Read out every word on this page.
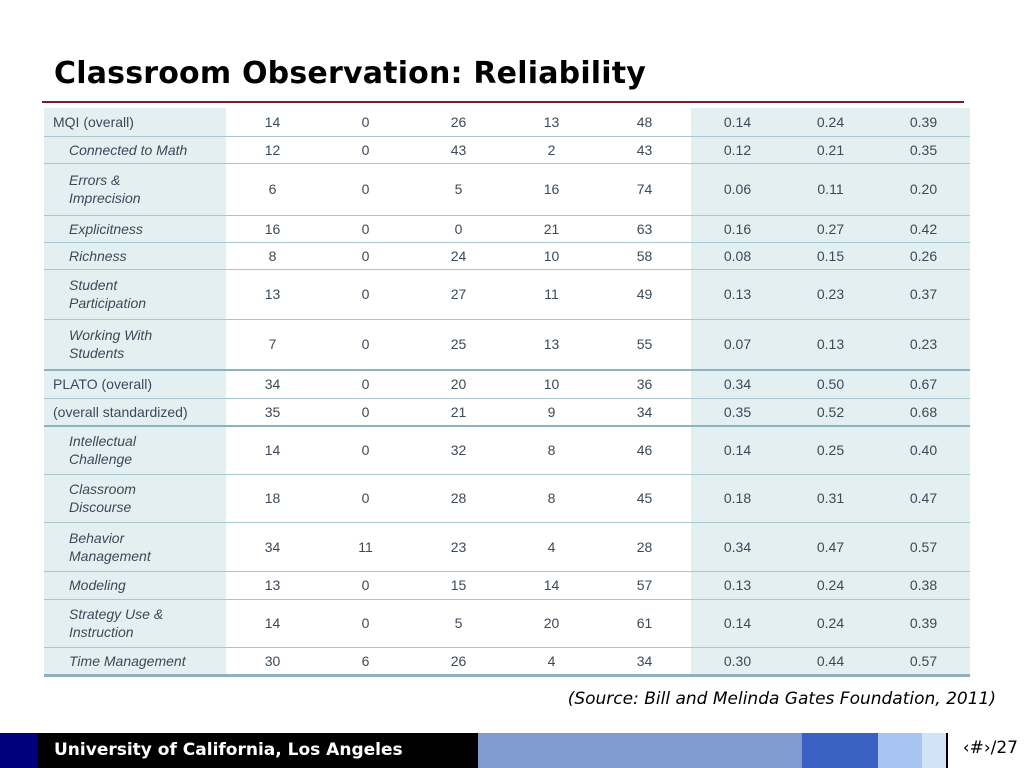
Classroom Observation: Reliability
MQI (overall)	14	0	26	13	48	0.14	0.24	0.39

Connected to Math	12	0	43	2	43	0.12	0.21	0.35

Errors &
Imprecision	6	0	5	16	74	0.06	0.11	0.20

Explicitness	16	0	0	21	63	0.16	0.27	0.42

Richness	8	0	24	10	58	0.08	0.15	0.26

Student
Participation	13	0	27	11	49	0.13	0.23	0.37

Working With
Students	7	0	25	13	55	0.07	0.13	0.23

PLATO (overall)	34	0	20	10	36	0.34	0.50	0.67

(overall standardized)	35	0	21	9	34	0.35	0.52	0.68

Intellectual
Challenge	14	0	32	8	46	0.14	0.25	0.40

Classroom
Discourse	18	0	28	8	45	0.18	0.31	0.47

Behavior
Management	34	11	23	4	28	0.34	0.47	0.57

Modeling	13	0	15	14	57	0.13	0.24	0.38

Strategy Use &
Instruction	14	0	5	20	61	0.14	0.24	0.39

Time Management	30	6	26	4	34	0.30	0.44	0.57
(Source: Bill and Melinda Gates Foundation, 2011)
University of California, Los Angeles	‹#›/27
